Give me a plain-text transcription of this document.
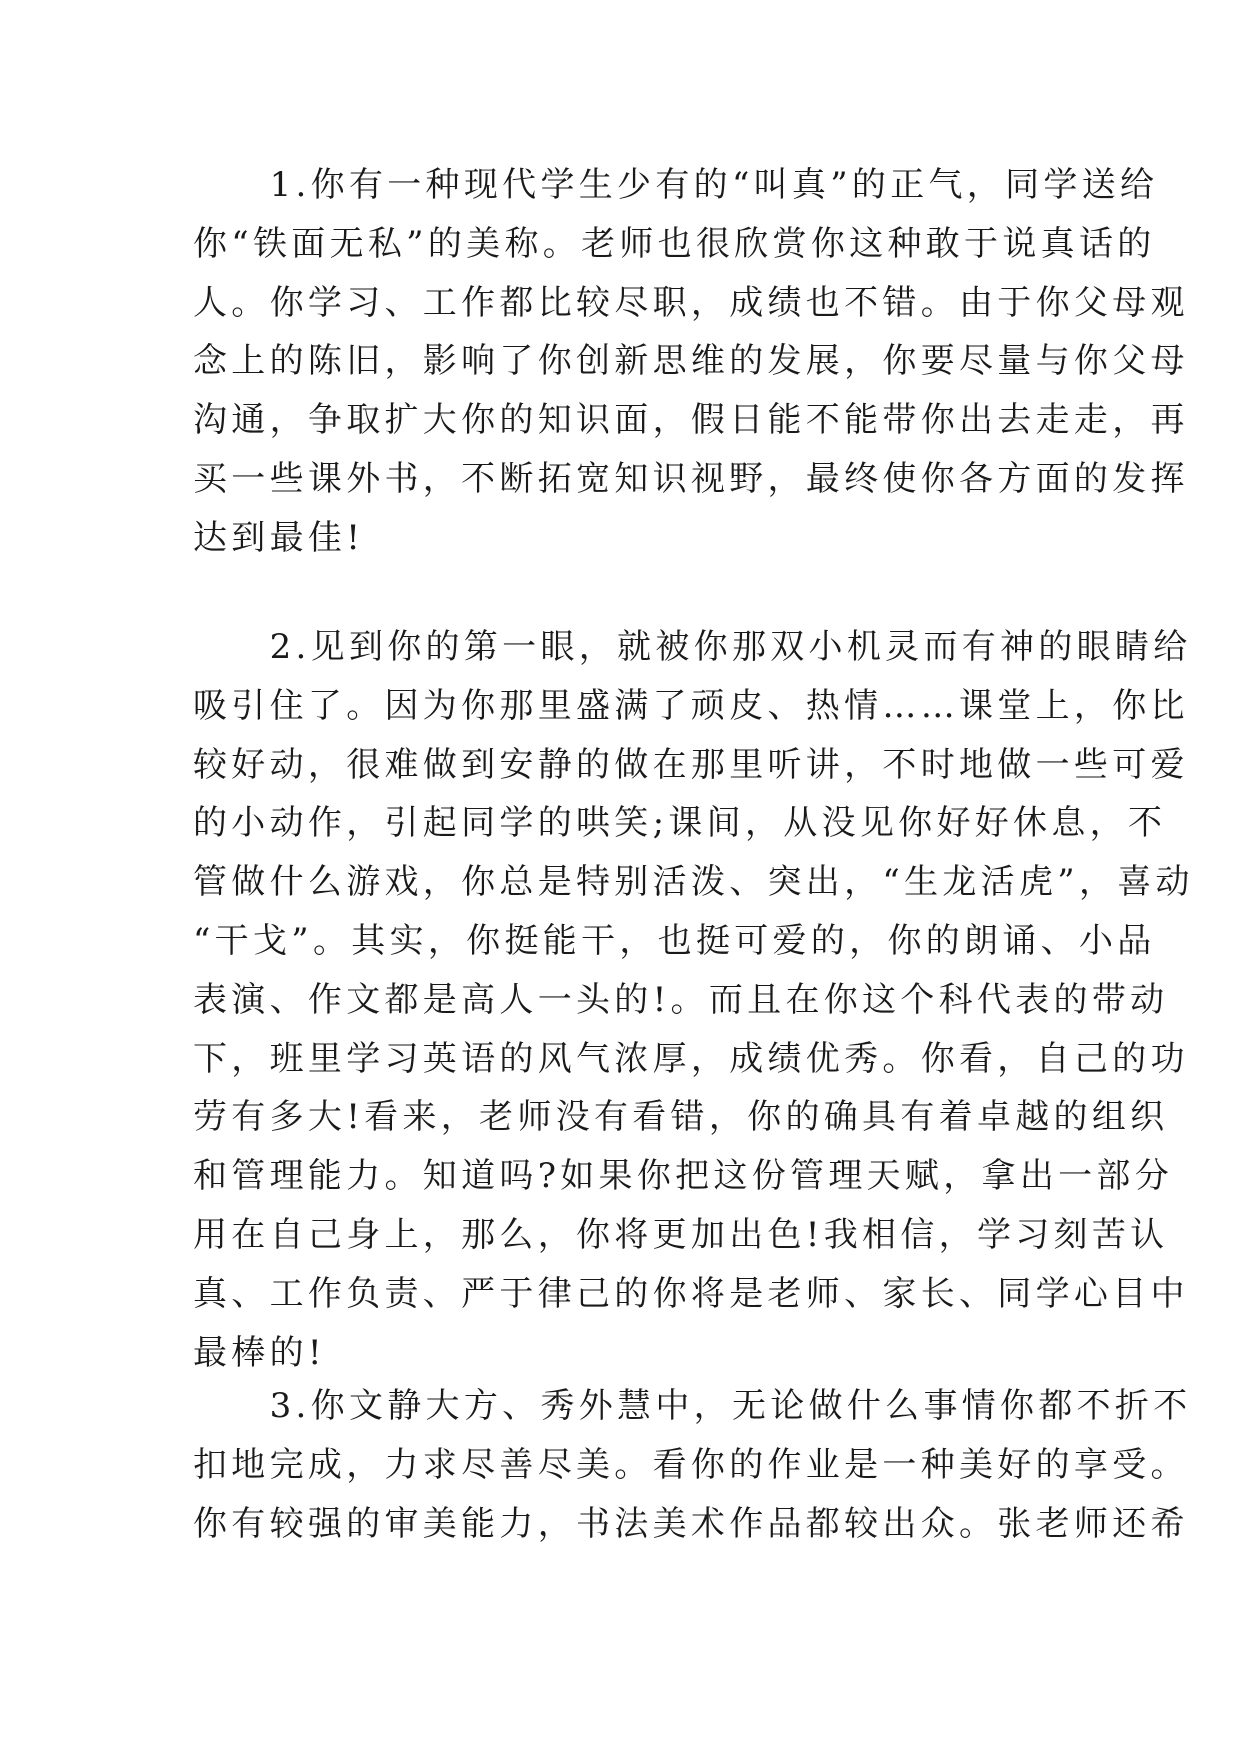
　　1.你有一种现代学生少有的“叫真”的正气，同学送给
你“铁面无私”的美称。老师也很欣赏你这种敢于说真话的
人。你学习、工作都比较尽职，成绩也不错。由于你父母观
念上的陈旧，影响了你创新思维的发展，你要尽量与你父母
沟通，争取扩大你的知识面，假日能不能带你出去走走，再
买一些课外书，不断拓宽知识视野，最终使你各方面的发挥
达到最佳!
　　2.见到你的第一眼，就被你那双小机灵而有神的眼睛给
吸引住了。因为你那里盛满了顽皮、热情……课堂上，你比
较好动，很难做到安静的做在那里听讲，不时地做一些可爱
的小动作，引起同学的哄笑;课间，从没见你好好休息，不
管做什么游戏，你总是特别活泼、突出，“生龙活虎”，喜动
“干戈”。其实，你挺能干，也挺可爱的，你的朗诵、小品
表演、作文都是高人一头的!。而且在你这个科代表的带动
下，班里学习英语的风气浓厚，成绩优秀。你看，自己的功
劳有多大!看来，老师没有看错，你的确具有着卓越的组织
和管理能力。知道吗?如果你把这份管理天赋，拿出一部分
用在自己身上，那么，你将更加出色!我相信，学习刻苦认
真、工作负责、严于律己的你将是老师、家长、同学心目中
最棒的!
　　3.你文静大方、秀外慧中，无论做什么事情你都不折不
扣地完成，力求尽善尽美。看你的作业是一种美好的享受。
你有较强的审美能力，书法美术作品都较出众。张老师还希
